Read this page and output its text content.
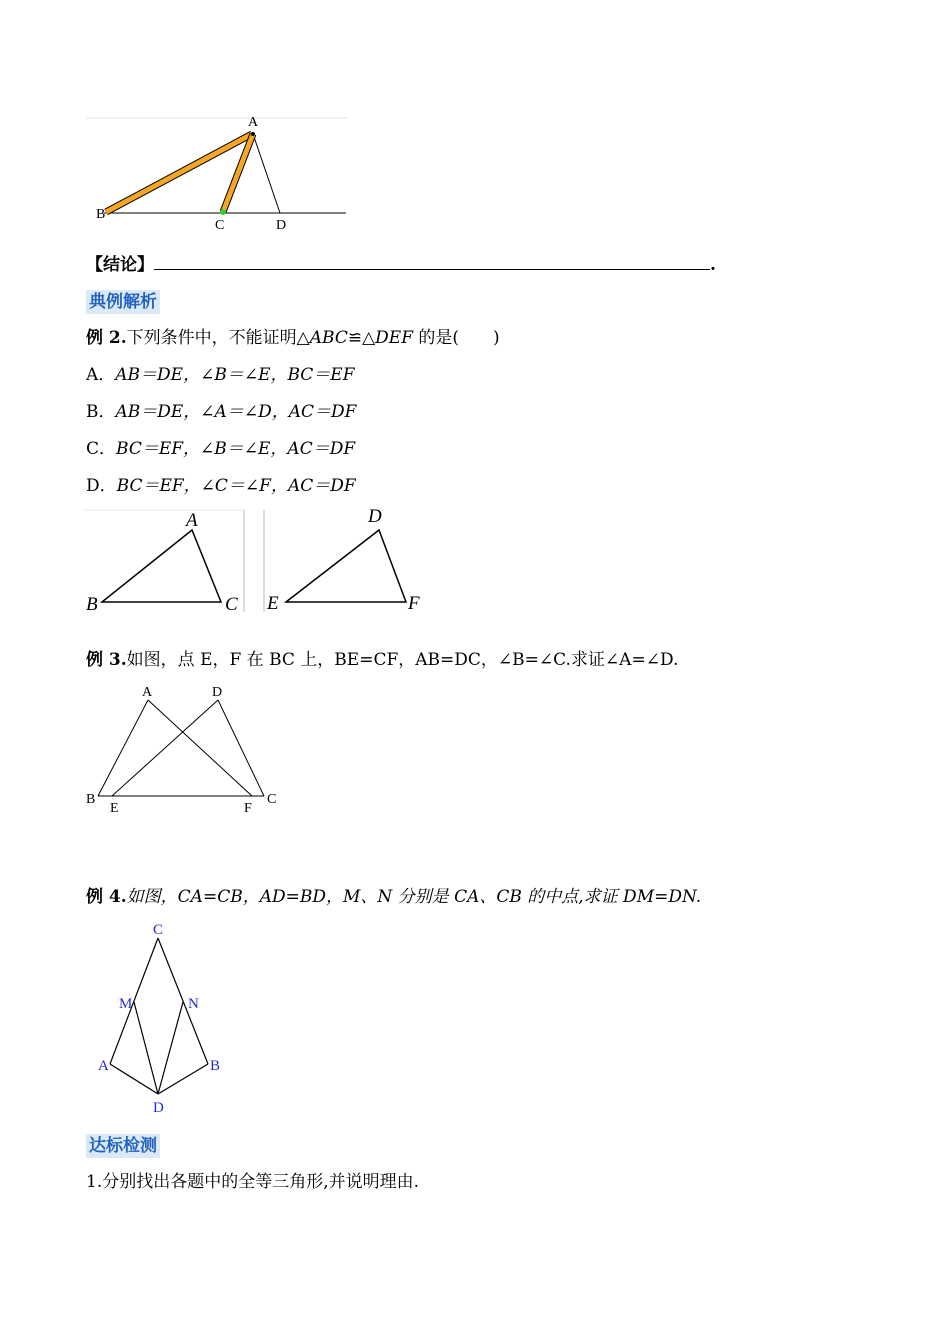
A
B
C	D
【结论】	.
典例解析
例 2.下列条件中，不能证明△ABC≌△DEF 的是(　　)
A．AB＝DE，∠B＝∠E，BC＝EF
B．AB＝DE，∠A＝∠D，AC＝DF
C．BC＝EF，∠B＝∠E，AC＝DF
D．BC＝EF，∠C＝∠F，AC＝DF
A
B	C
D
E	F
例 3.如图，点 E，F 在 BC 上，BE=CF，AB=DC，∠B=∠C.求证∠A=∠D.
A	D
B
E	F
C
例 4.如图，CA=CB，AD=BD，M、N 分别是 CA、CB 的中点,求证 DM=DN.
C
M	N
A	B
D
达标检测
1.分别找出各题中的全等三角形,并说明理由.
